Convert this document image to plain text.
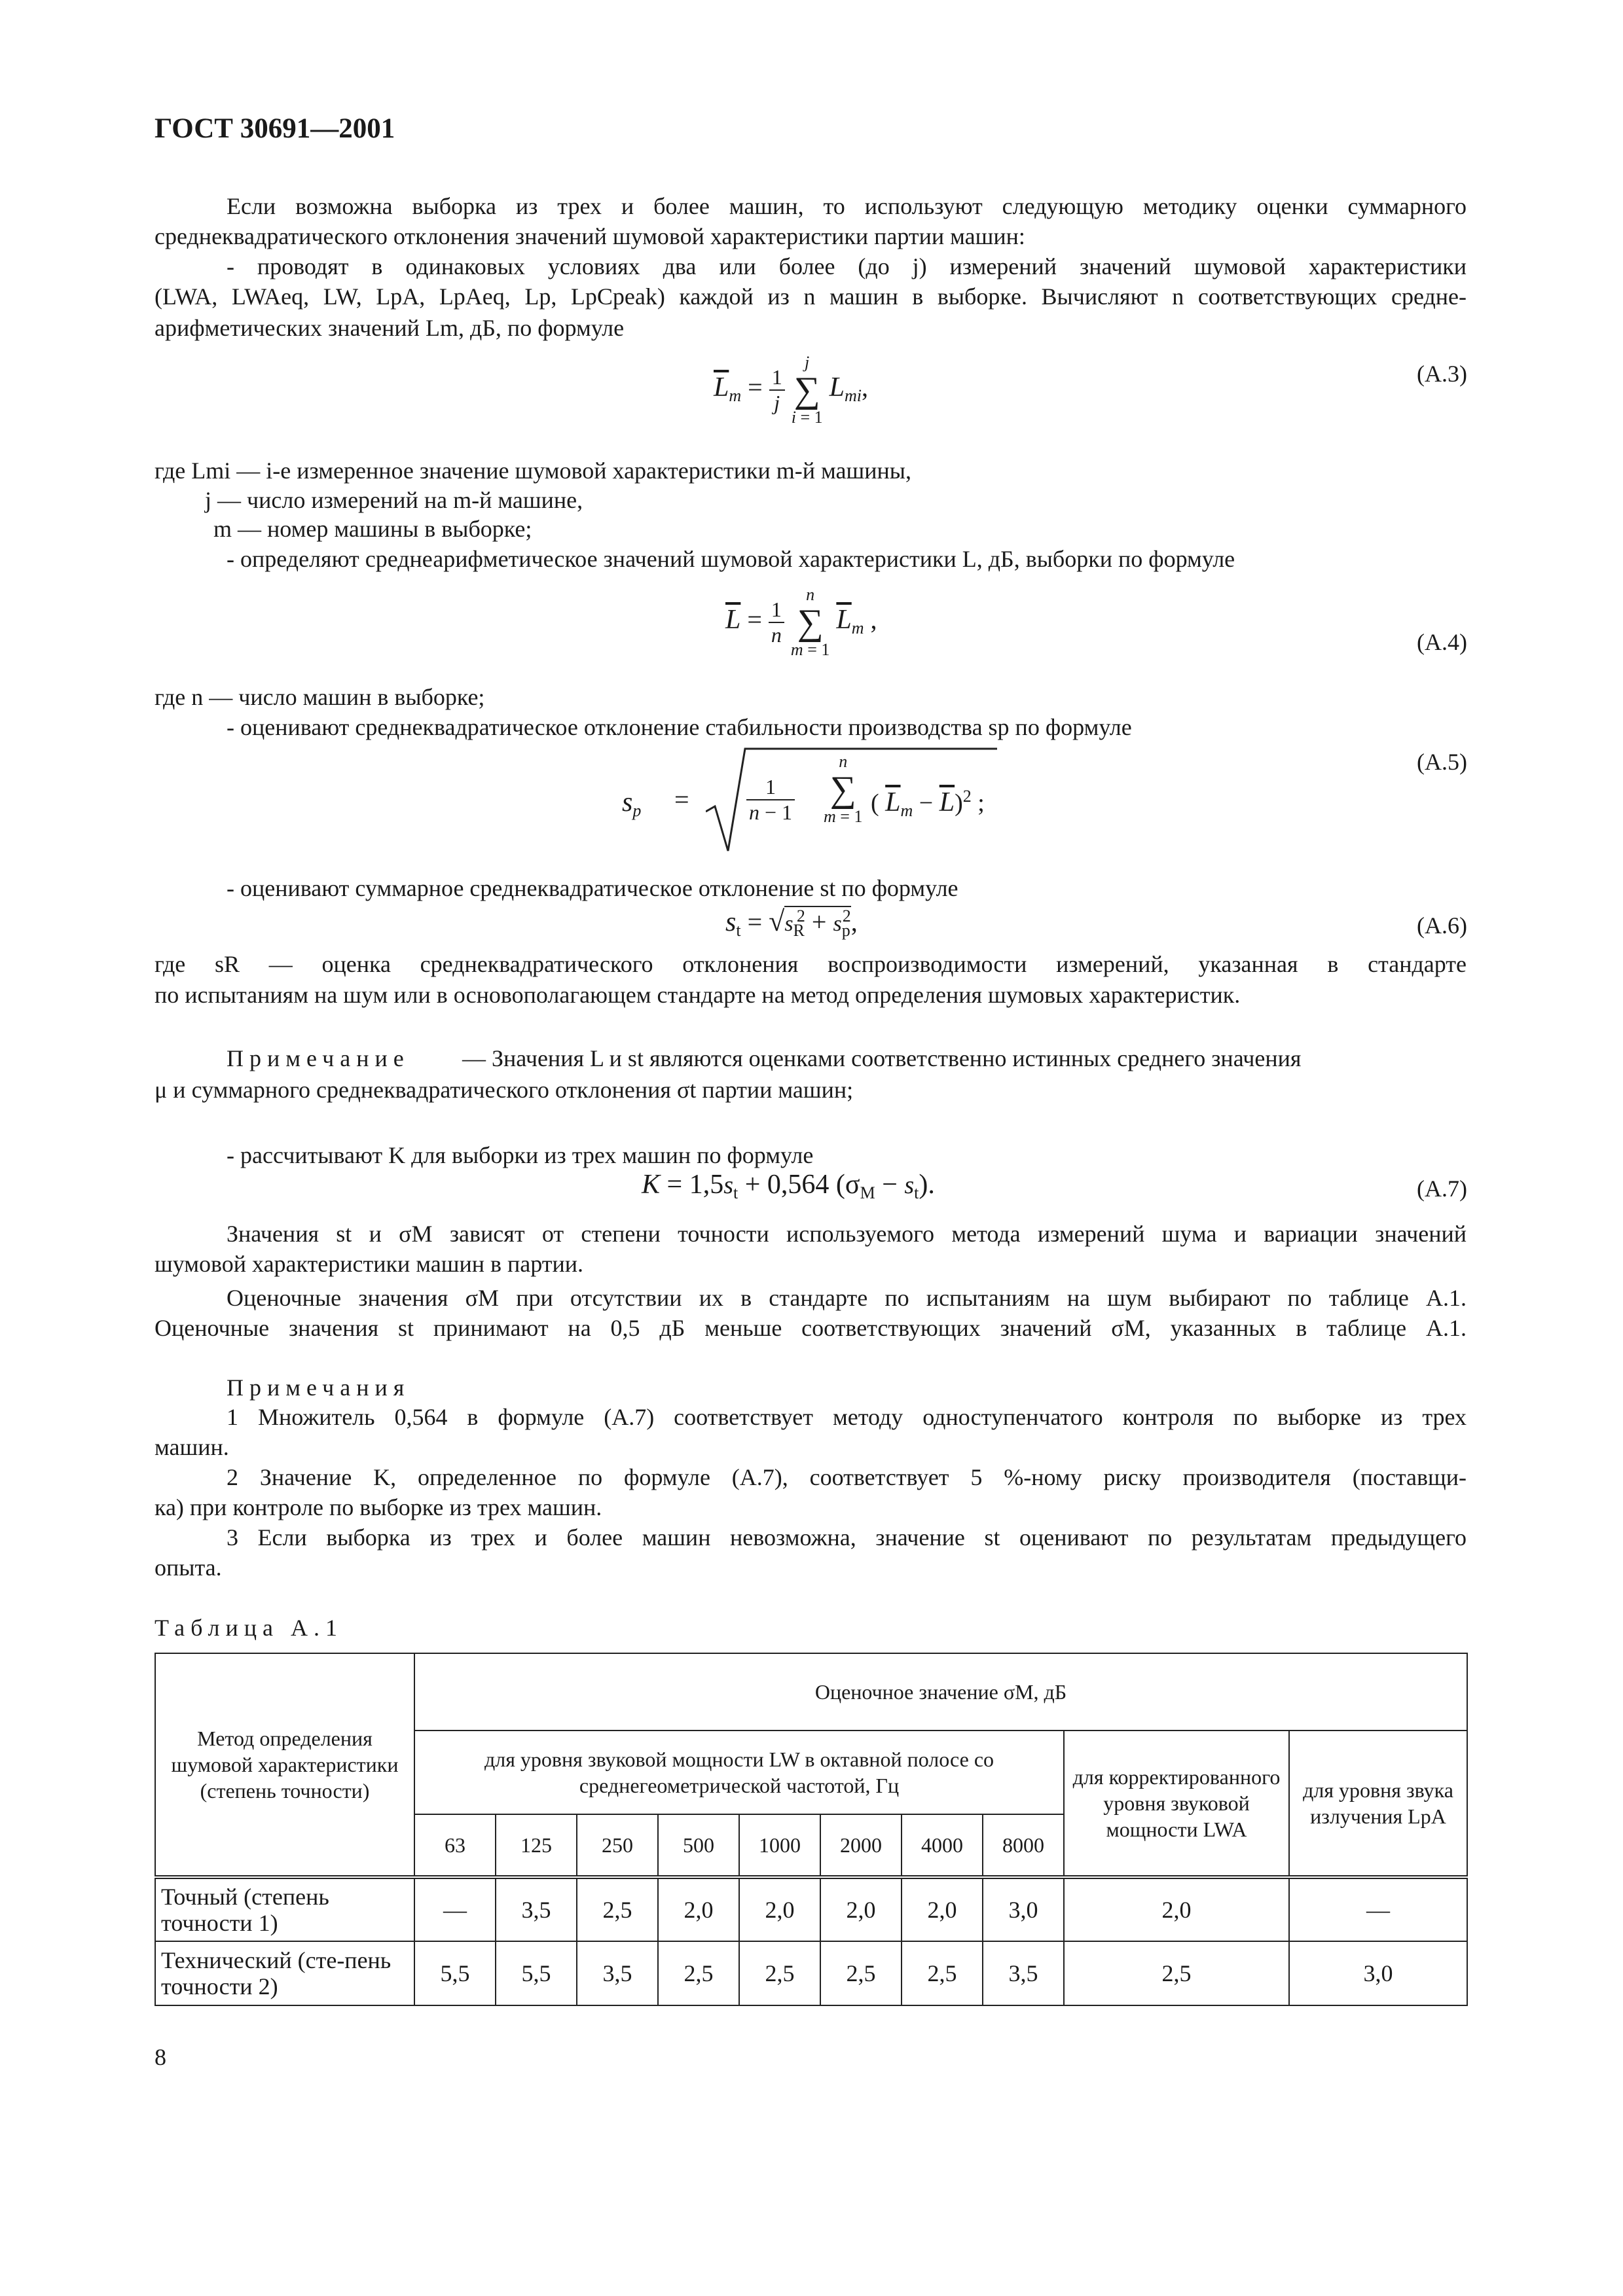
ГОСТ 30691—2001
Если возможна выборка из трех и более машин, то используют следующую методику оценки суммарного
среднеквадратического отклонения значений шумовой характеристики партии машин:
- проводят в одинаковых условиях два или более (до j) измерений значений шумовой характеристики
(LWA, LWAeq, LW, LpA, LpAeq, Lp, LpCpeak) каждой из n машин в выборке. Вычисляют n соответствующих средне-
арифметических значений Lm, дБ, по формуле
$\overline{L}_m = \frac{1}{j}$

j
∑
i = 1
$L_{mi}$,	(А.3)
где Lmi — i-е измеренное значение шумовой характеристики m-й машины,
j — число измерений на m-й машине,
m — номер машины в выборке;
- определяют среднеарифметическое значений шумовой характеристики L, дБ, выборки по формуле
$\overline{L} = \frac{1}{n}$

n
∑
m = 1
$\overline{L}_m$ ,
(А.4)
где n — число машин в выборке;
- оценивают среднеквадратическое отклонение стабильности производства sp по формуле
$s_p$ =	$\frac{1}{n - 1}$
n
∑
m = 1 ( $\overline{L}_m - \overline{L})^2$ ;
(А.5)
- оценивают суммарное среднеквадратическое отклонение st по формуле
$s_t = √s_R^2 + s_p^2$,	(А.6)
где sR — оценка среднеквадратического отклонения воспроизводимости измерений, указанная в стандарте
по испытаниям на шум или в основополагающем стандарте на метод определения шумовых характеристик.
Примечание — Значения L и st являются оценками соответственно истинных среднего значения
μ и суммарного среднеквадратического отклонения σt партии машин;
- рассчитывают K для выборки из трех машин по формуле
$K = 1,5s_t + 0,564$ $(\sigma_M - s_t)$.	(А.7)
Значения st и σM зависят от степени точности используемого метода измерений шума и вариации значений
шумовой характеристики машин в партии.
Оценочные значения σM при отсутствии их в стандарте по испытаниям на шум выбирают по таблице А.1.
Оценочные значения st принимают на 0,5 дБ меньше соответствующих значений σM, указанных в таблице А.1.
Примечания
1 Множитель 0,564 в формуле (А.7) соответствует методу одноступенчатого контроля по выборке из трех
машин.
2 Значение K, определенное по формуле (А.7), соответствует 5 %-ному риску производителя (поставщи-
ка) при контроле по выборке из трех машин.
3 Если выборка из трех и более машин невозможна, значение st оценивают по результатам предыдущего
опыта.
Таблица А.1
Метод определения шумовой характеристики (степень точности)	Оценочное значение σM, дБ									
	для уровня звуковой мощности LW в октавной полосе со среднегеометрической частотой, Гц								для корректированного уровня звуковой мощности LWA	для уровня звука излучения LpA
	63	125	250	500	1000	2000	4000	8000		
Точный (степень точности 1)	—	3,5	2,5	2,0	2,0	2,0	2,0	3,0	2,0	—
Технический (сте-пень точности 2)	5,5	5,5	3,5	2,5	2,5	2,5	2,5	3,5	2,5	3,0
8
